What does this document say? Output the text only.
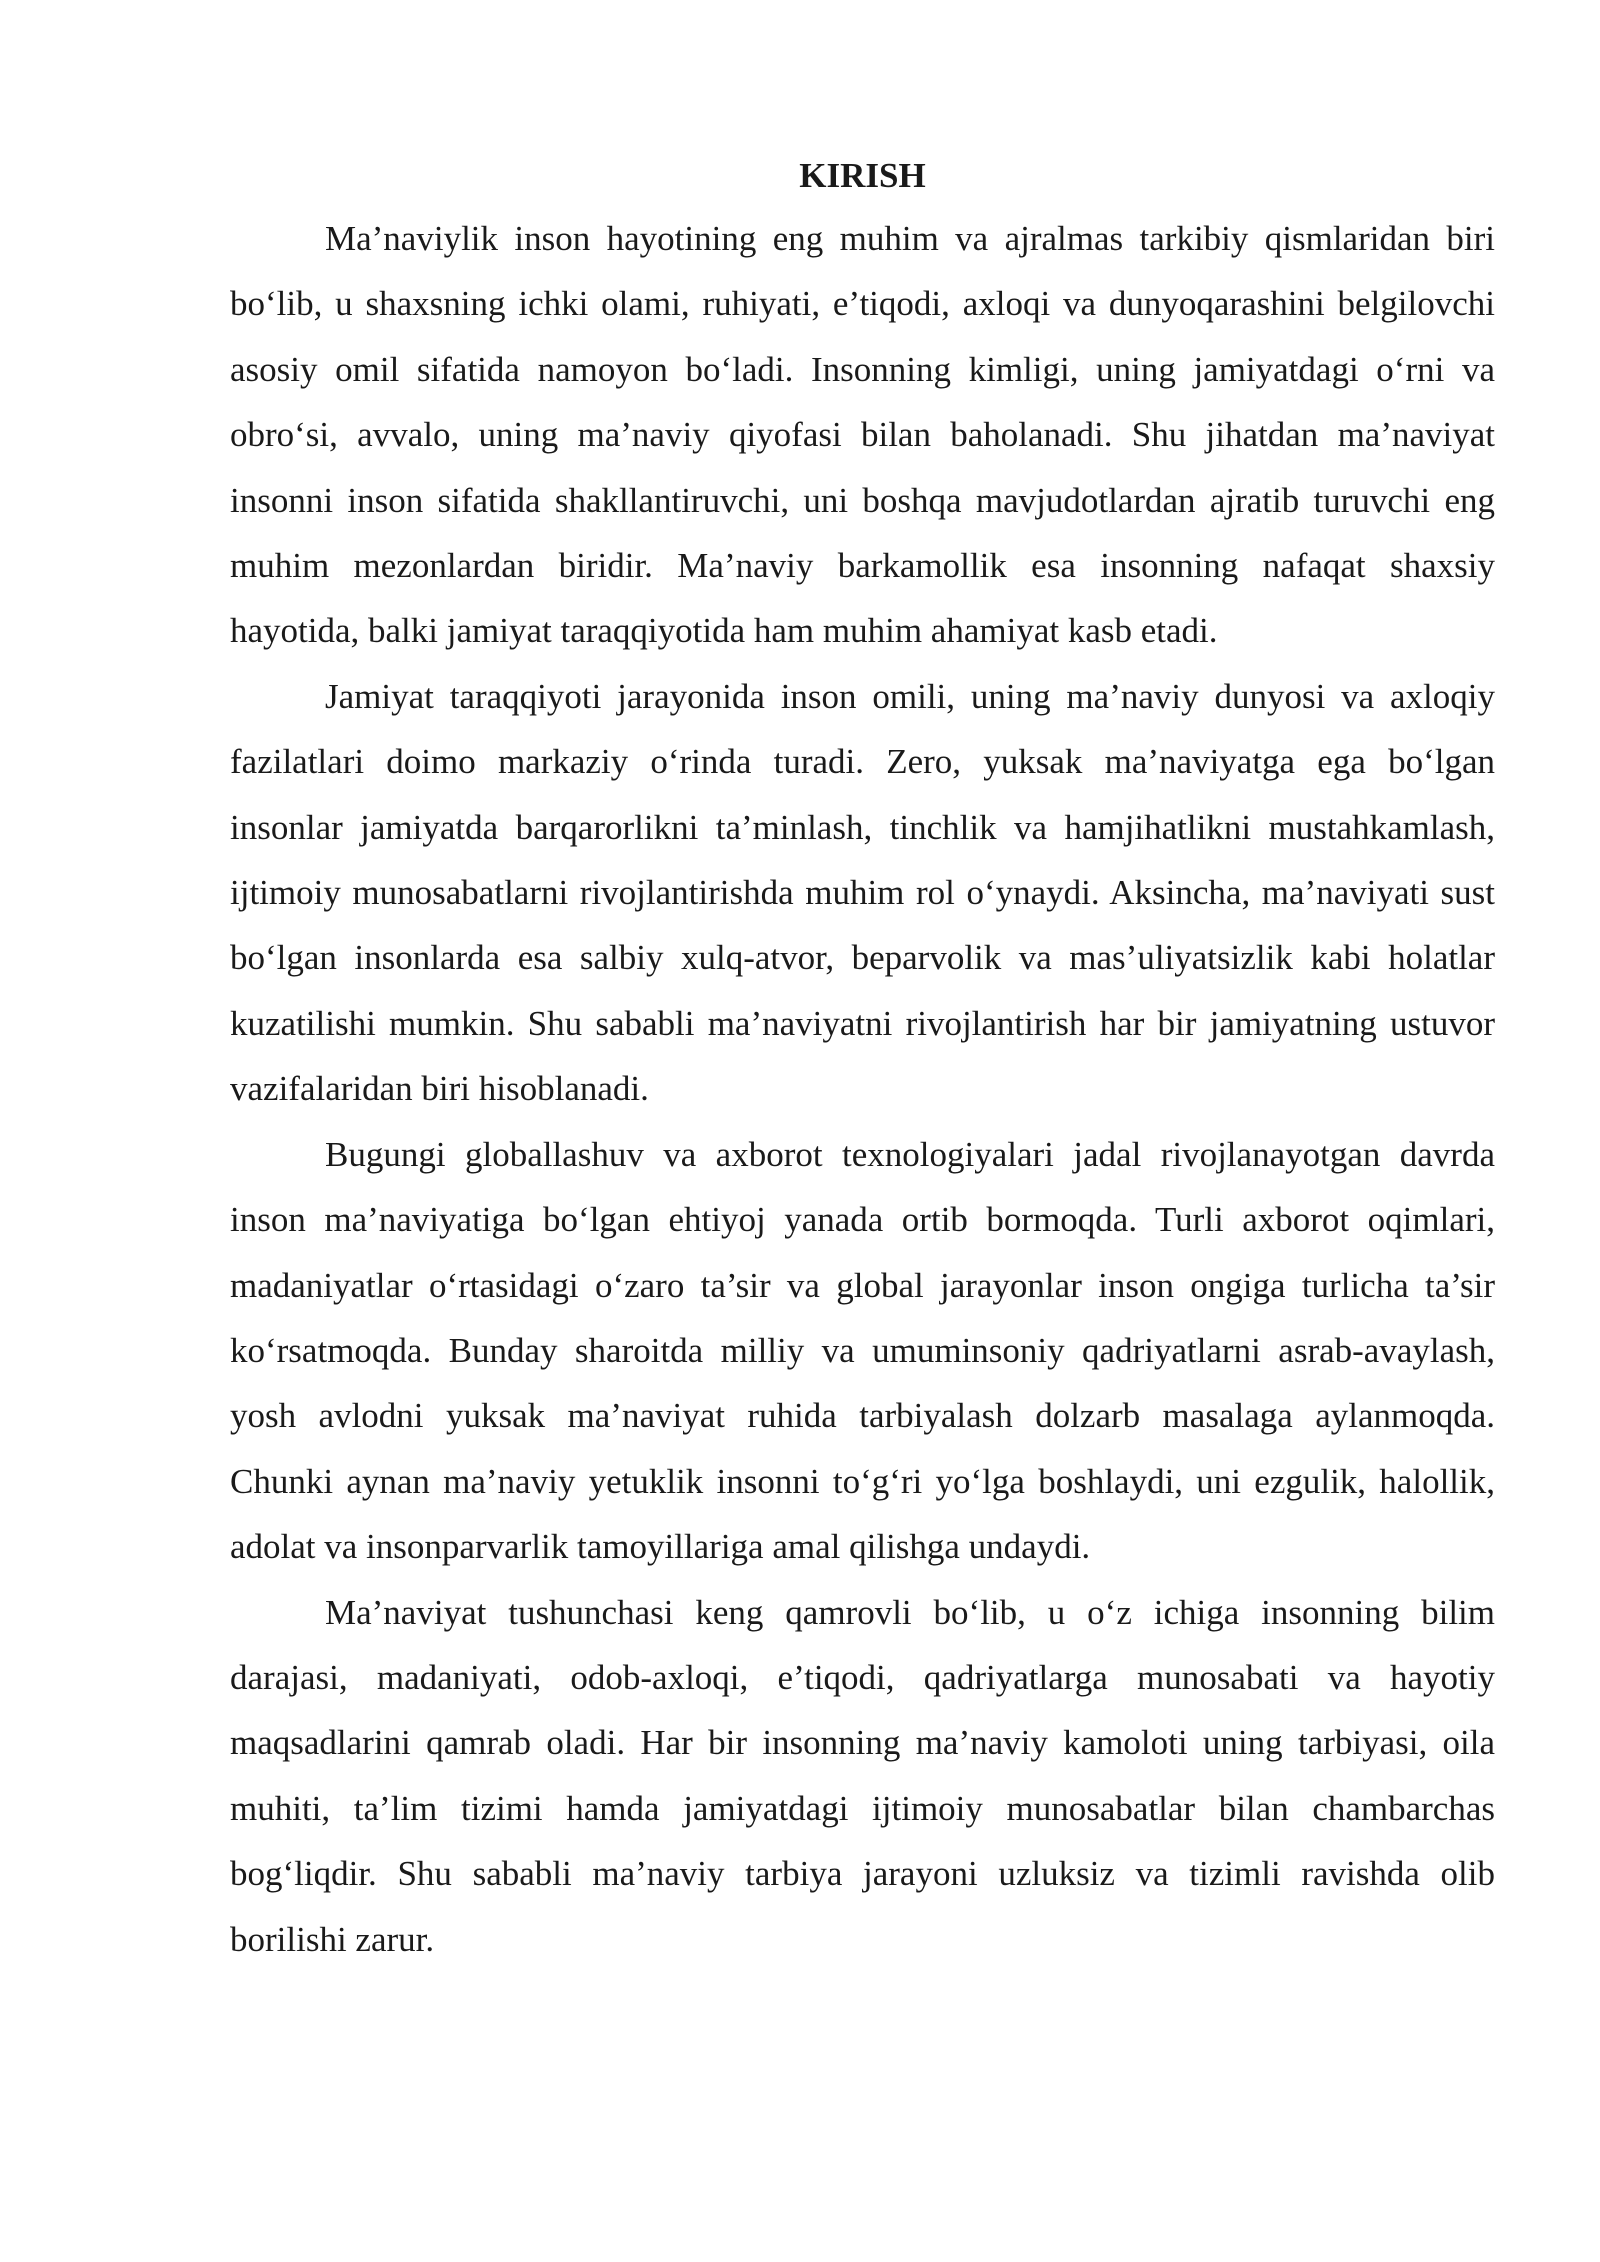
KIRISH

Ma’naviylik inson hayotining eng muhim va ajralmas tarkibiy qismlaridan biri bo‘lib, u shaxsning ichki olami, ruhiyati, e’tiqodi, axloqi va dunyoqarashini belgilovchi asosiy omil sifatida namoyon bo‘ladi. Insonning kimligi, uning jamiyatdagi o‘rni va obro‘si, avvalo, uning ma’naviy qiyofasi bilan baholanadi. Shu jihatdan ma’naviyat insonni inson sifatida shakllantiruvchi, uni boshqa mavjudotlardan ajratib turuvchi eng muhim mezonlardan biridir. Ma’naviy barkamollik esa insonning nafaqat shaxsiy hayotida, balki jamiyat taraqqiyotida ham muhim ahamiyat kasb etadi.

Jamiyat taraqqiyoti jarayonida inson omili, uning ma’naviy dunyosi va axloqiy fazilatlari doimo markaziy o‘rinda turadi. Zero, yuksak ma’naviyatga ega bo‘lgan insonlar jamiyatda barqarorlikni ta’minlash, tinchlik va hamjihatlikni mustahkamlash, ijtimoiy munosabatlarni rivojlantirishda muhim rol o‘ynaydi. Aksincha, ma’naviyati sust bo‘lgan insonlarda esa salbiy xulq-atvor, beparvolik va mas’uliyatsizlik kabi holatlar kuzatilishi mumkin. Shu sababli ma’naviyatni rivojlantirish har bir jamiyatning ustuvor vazifalaridan biri hisoblanadi.

Bugungi globallashuv va axborot texnologiyalari jadal rivojlanayotgan davrda inson ma’naviyatiga bo‘lgan ehtiyoj yanada ortib bormoqda. Turli axborot oqimlari, madaniyatlar o‘rtasidagi o‘zaro ta’sir va global jarayonlar inson ongiga turlicha ta’sir ko‘rsatmoqda. Bunday sharoitda milliy va umuminsoniy qadriyatlarni asrab-avaylash, yosh avlodni yuksak ma’naviyat ruhida tarbiyalash dolzarb masalaga aylanmoqda. Chunki aynan ma’naviy yetuklik insonni to‘g‘ri yo‘lga boshlaydi, uni ezgulik, halollik, adolat va insonparvarlik tamoyillariga amal qilishga undaydi.

Ma’naviyat tushunchasi keng qamrovli bo‘lib, u o‘z ichiga insonning bilim darajasi, madaniyati, odob-axloqi, e’tiqodi, qadriyatlarga munosabati va hayotiy maqsadlarini qamrab oladi. Har bir insonning ma’naviy kamoloti uning tarbiyasi, oila muhiti, ta’lim tizimi hamda jamiyatdagi ijtimoiy munosabatlar bilan chambarchas bog‘liqdir. Shu sababli ma’naviy tarbiya jarayoni uzluksiz va tizimli ravishda olib borilishi zarur.
